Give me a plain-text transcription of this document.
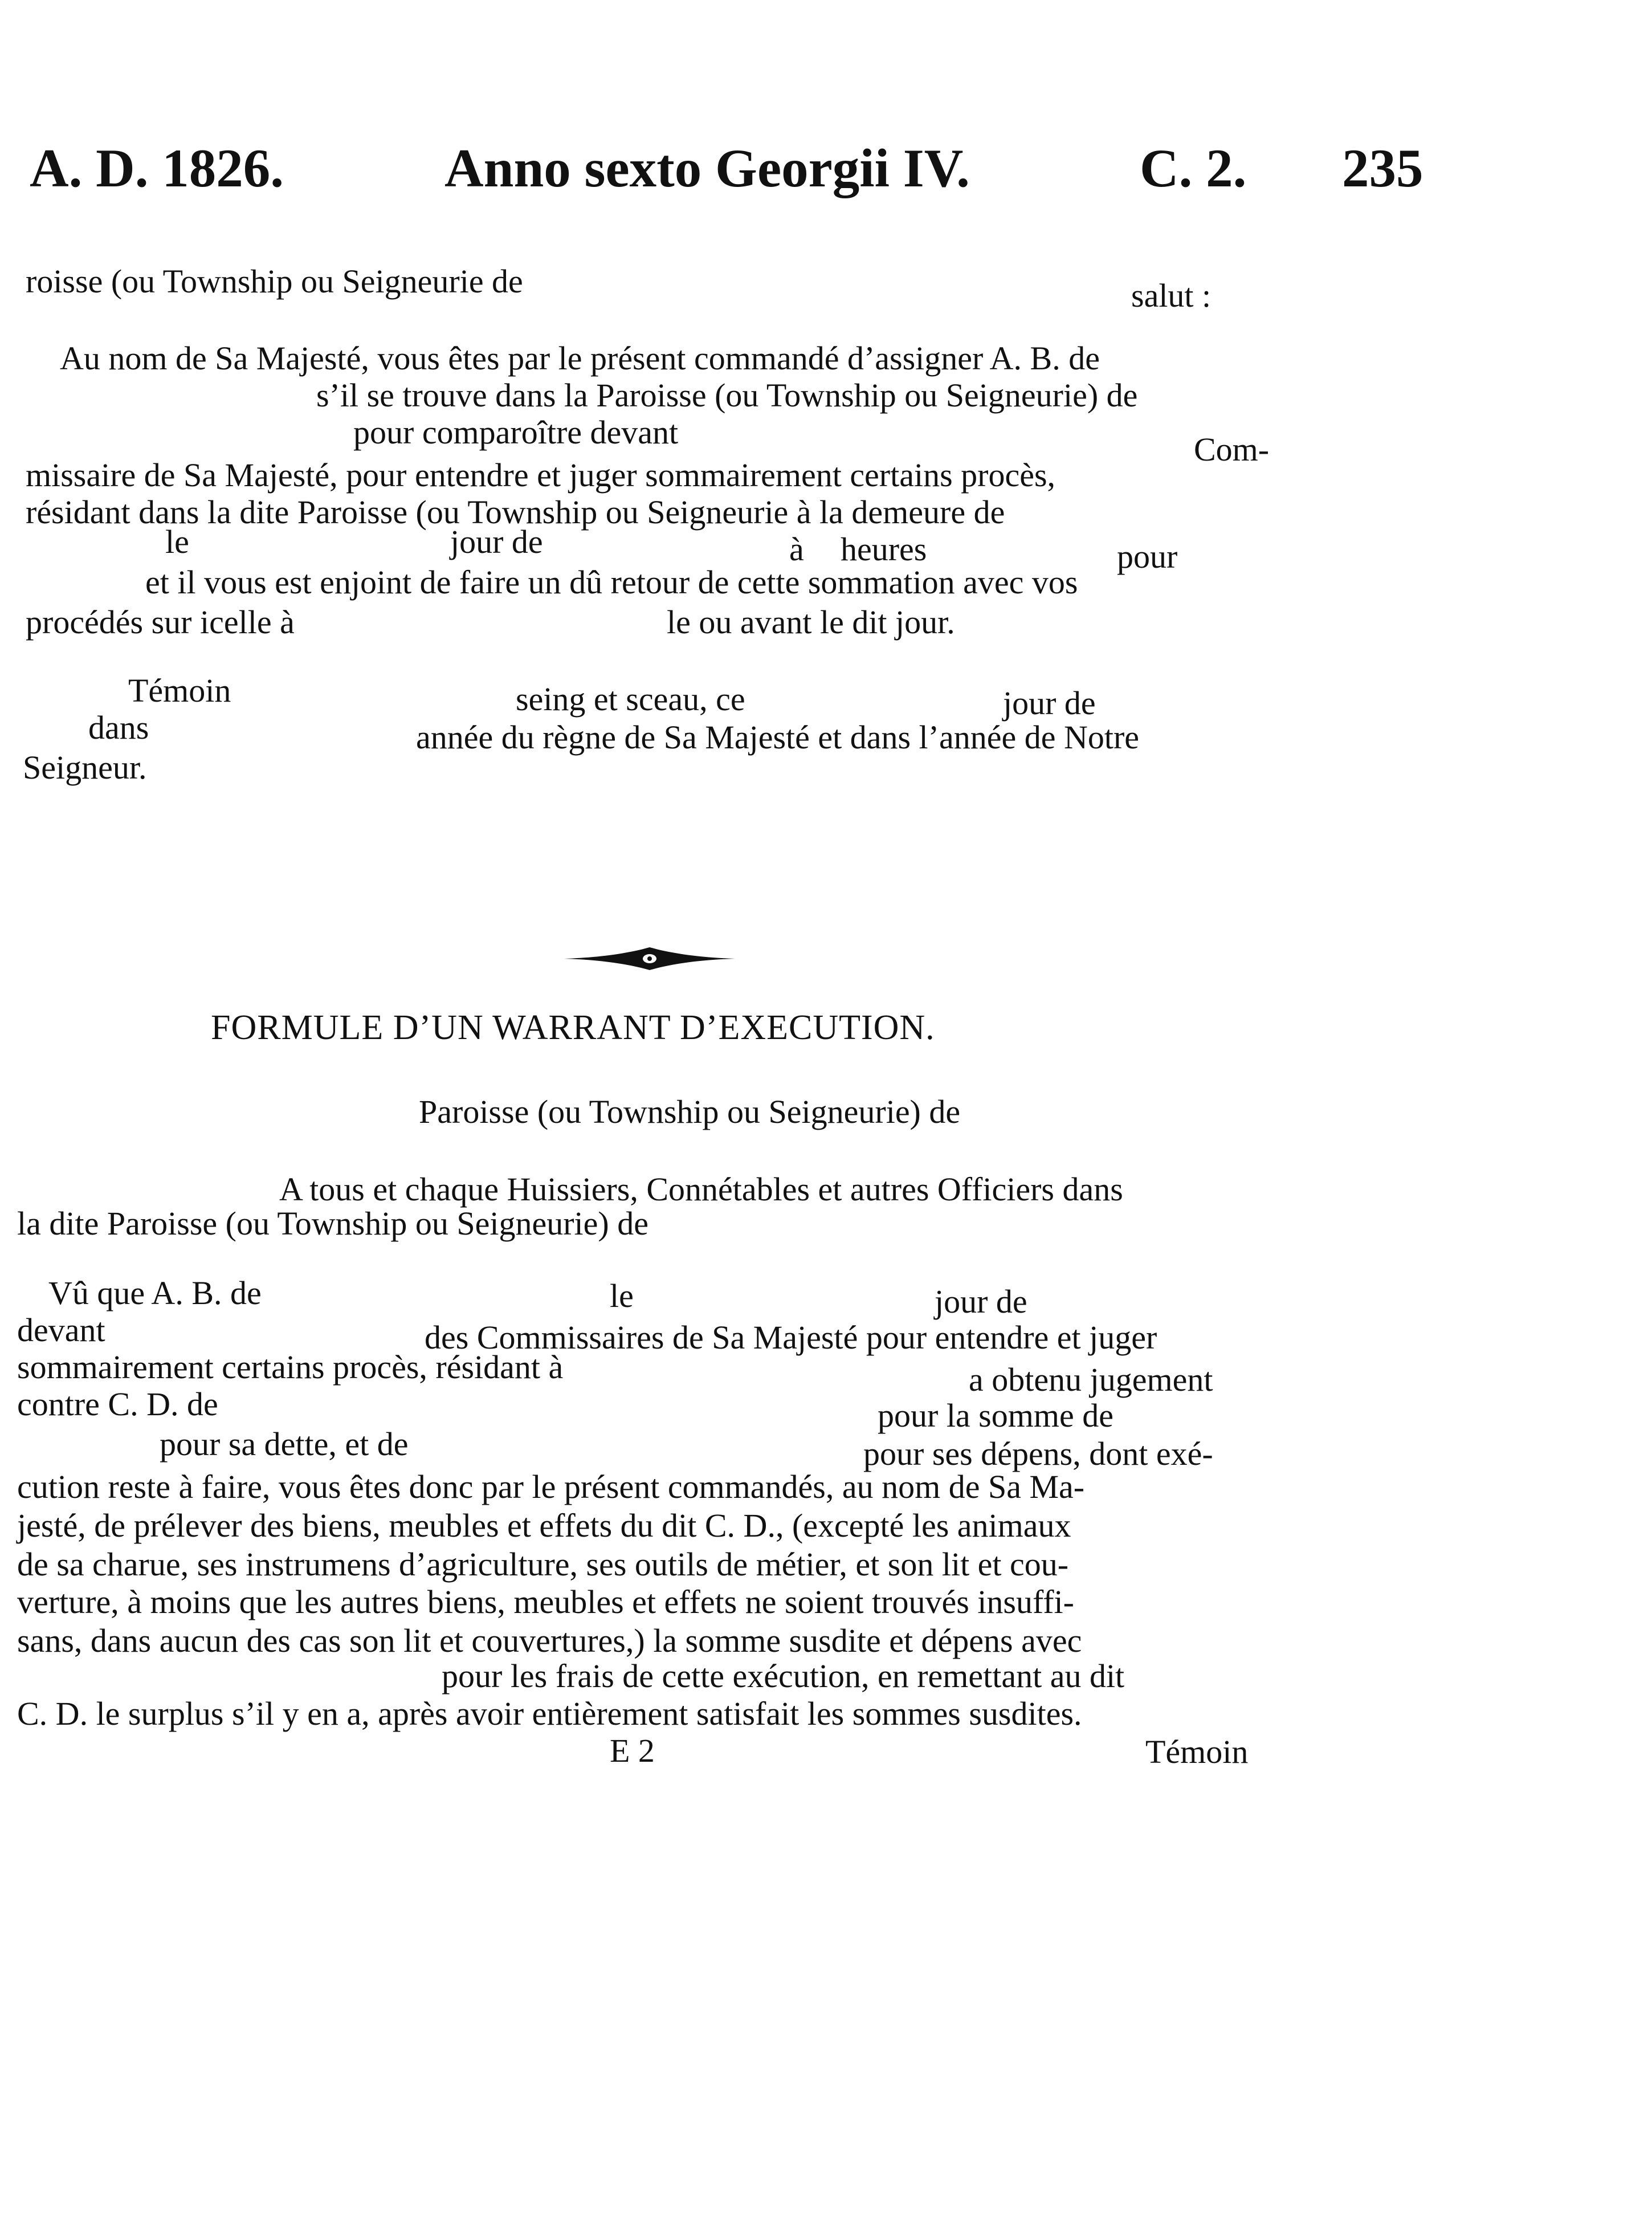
A. D. 1826.	Anno sexto Georgii IV.	C. 2. 235
roisse (ou Township ou Seigneurie de	salut :
Au nom de Sa Majesté, vous êtes par le présent commandé d’assigner A. B. de
s’il se trouve dans la Paroisse (ou Township ou Seigneurie) de
pour comparoître devant	Com-
missaire de Sa Majesté, pour entendre et juger sommairement certains procès,
résidant dans la dite Paroisse (ou Township ou Seigneurie à la demeure de
le	jour de	à heures	pour
et il vous est enjoint de faire un dû retour de cette sommation avec vos
procédés sur icelle à	le ou avant le dit jour.
Témoin	seing et sceau, ce	jour de
dans	année du règne de Sa Majesté et dans l’année de Notre
Seigneur.
FORMULE D’UN WARRANT D’EXECUTION.
Paroisse (ou Township ou Seigneurie) de
A tous et chaque Huissiers, Connétables et autres Officiers dans
la dite Paroisse (ou Township ou Seigneurie) de
Vû que A. B. de	le	jour de
devant	des Commissaires de Sa Majesté pour entendre et juger
sommairement certains procès, résidant à	a obtenu jugement
contre C. D. de	pour la somme de
pour sa dette, et de	pour ses dépens, dont exé-
cution reste à faire, vous êtes donc par le présent commandés, au nom de Sa Ma-
jesté, de prélever des biens, meubles et effets du dit C. D., (excepté les animaux
de sa charue, ses instrumens d’agriculture, ses outils de métier, et son lit et cou-
verture, à moins que les autres biens, meubles et effets ne soient trouvés insuffi-
sans, dans aucun des cas son lit et couvertures,) la somme susdite et dépens avec
pour les frais de cette exécution, en remettant au dit
C. D. le surplus s’il y en a, après avoir entièrement satisfait les sommes susdites.
E 2	Témoin
